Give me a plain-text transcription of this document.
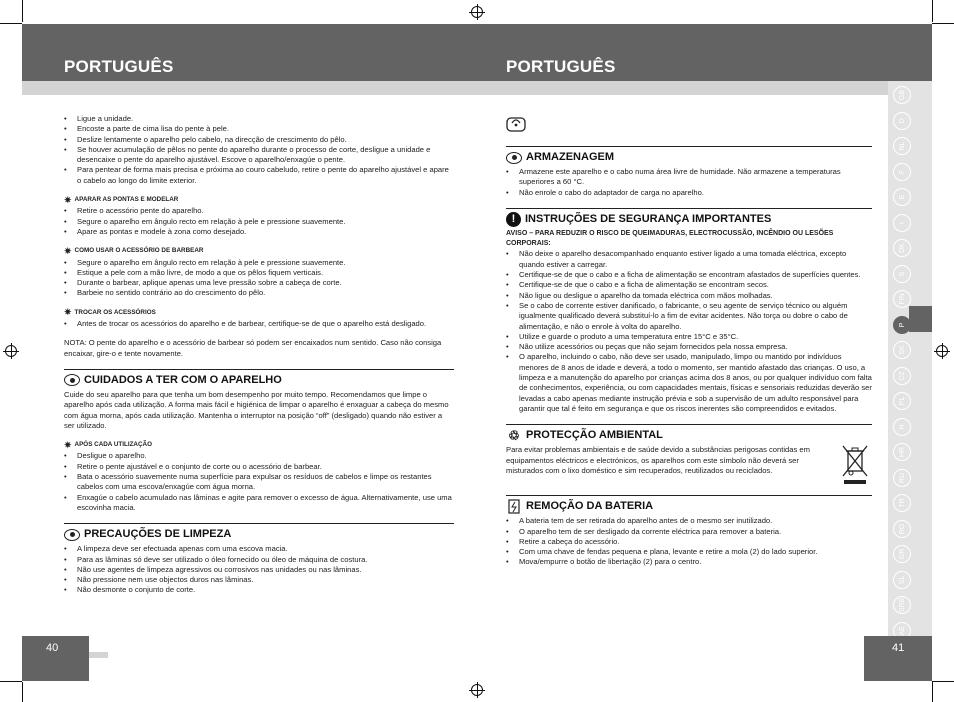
PORTUGUÊS	PORTUGUÊS
GB
D
NL
F
E
I
DK
S
FIN
P
SK
CZ
PL
H
HR
RU
TR
RO
GR
SL
SRB
AE
40	41
• Ligue a unidade.
• Encoste a parte de cima lisa do pente à pele.
• Deslize lentamente o aparelho pelo cabelo, na direcção de crescimento do pêlo.
• Se houver acumulação de pêlos no pente do aparelho durante o processo de corte, desligue a unidade e desencaixe o pente do aparelho ajustável. Escove o aparelho/enxagúe o pente.
• Para pentear de forma mais precisa e próxima ao couro cabeludo, retire o pente do aparelho ajustável e apare o cabelo ao longo do limite exterior.
✷ APARAR AS PONTAS E MODELAR
• Retire o acessório pente do aparelho.
• Segure o aparelho em ângulo recto em relação à pele e pressione suavemente.
• Apare as pontas e modele à zona como desejado.
✷ COMO USAR O ACESSÓRIO DE BARBEAR
• Segure o aparelho em ângulo recto em relação à pele e pressione suavemente.
• Estique a pele com a mão livre, de modo a que os pêlos fiquem verticais.
• Durante o barbear, aplique apenas uma leve pressão sobre a cabeça de corte.
• Barbeie no sentido contrário ao do crescimento do pêlo.
✷ TROCAR OS ACESSÓRIOS
• Antes de trocar os acessórios do aparelho e de barbear, certifique-se de que o aparelho está desligado.

NOTA: O pente do aparelho e o acessório de barbear só podem ser encaixados num sentido. Caso não consiga encaixar, gire-o e tente novamente.

CUIDADOS A TER COM O APARELHO

Cuide do seu aparelho para que tenha um bom desempenho por muito tempo. Recomendamos que limpe o aparelho após cada utilização. A forma mais fácil e higiénica de limpar o aparelho é enxaguar a cabeça do mesmo com água morna, após cada utilização. Mantenha o interruptor na posição “off” (desligado) quando não estiver a ser utilizado.

✷ APÓS CADA UTILIZAÇÃO
• Desligue o aparelho.
• Retire o pente ajustável e o conjunto de corte ou o acessório de barbear.
• Bata o acessório suavemente numa superfície para expulsar os resíduos de cabelos e limpe os restantes cabelos com uma escova/enxagúe com água morna.
• Enxagúe o cabelo acumulado nas lâminas e agite para remover o excesso de água. Alternativamente, use uma escovinha macia.
PRECAUÇÕES DE LIMPEZA
• A limpeza deve ser efectuada apenas com uma escova macia.
• Para as lâminas só deve ser utilizado o óleo fornecido ou óleo de máquina de costura.
• Não use agentes de limpeza agressivos ou corrosivos nas unidades ou nas lâminas.
• Não pressione nem use objectos duros nas lâminas.
• Não desmonte o conjunto de corte.
ARMAZENAGEM
• Armazene este aparelho e o cabo numa área livre de humidade. Não armazene a temperaturas superiores a 60 °C.
• Não enrole o cabo do adaptador de carga no aparelho.
! INSTRUÇÕES DE SEGURANÇA IMPORTANTES

AVISO – PARA REDUZIR O RISCO DE QUEIMADURAS, ELECTROCUSSÃO, INCÊNDIO OU LESÕES CORPORAIS:

• Não deixe o aparelho desacompanhado enquanto estiver ligado a uma tomada eléctrica, excepto quando estiver a carregar.
• Certifique-se de que o cabo e a ficha de alimentação se encontram afastados de superfícies quentes.
• Certifique-se de que o cabo e a ficha de alimentação se encontram secos.
• Não ligue ou desligue o aparelho da tomada eléctrica com mãos molhadas.
• Se o cabo de corrente estiver danificado, o fabricante, o seu agente de serviço técnico ou alguém igualmente qualificado deverá substituí-lo a fim de evitar acidentes. Não torça ou dobre o cabo de alimentação, e não o enrole à volta do aparelho.
• Utilize e guarde o produto a uma temperatura entre 15°C e 35°C.
• Não utilize acessórios ou peças que não sejam fornecidos pela nossa empresa.
• O aparelho, incluindo o cabo, não deve ser usado, manipulado, limpo ou mantido por indivíduos menores de 8 anos de idade e deverá, a todo o momento, ser mantido afastado das crianças. O uso, a limpeza e a manutenção do aparelho por crianças acima dos 8 anos, ou por qualquer indivíduo com falta de conhecimentos, experiência, ou com capacidades mentais, físicas e sensoriais reduzidas deverão ser levadas a cabo apenas mediante instrução prévia e sob a supervisão de um adulto responsável para garantir que tal é feito em segurança e que os riscos inerentes são compreendidos e evitados.
♲ PROTECÇÃO AMBIENTAL

Para evitar problemas ambientais e de saúde devido a substâncias perigosas contidas em equipamentos eléctricos e electrónicos, os aparelhos com este símbolo não deverá ser misturados com o lixo doméstico e sim recuperados, reutilizados ou reciclados.

REMOÇÃO DA BATERIA
• A bateria tem de ser retirada do aparelho antes de o mesmo ser inutilizado.
• O aparelho tem de ser desligado da corrente eléctrica para remover a bateria.
• Retire a cabeça do acessório.
• Com uma chave de fendas pequena e plana, levante e retire a mola (2) do lado superior.
• Mova/empurre o botão de libertação (2) para o centro.
